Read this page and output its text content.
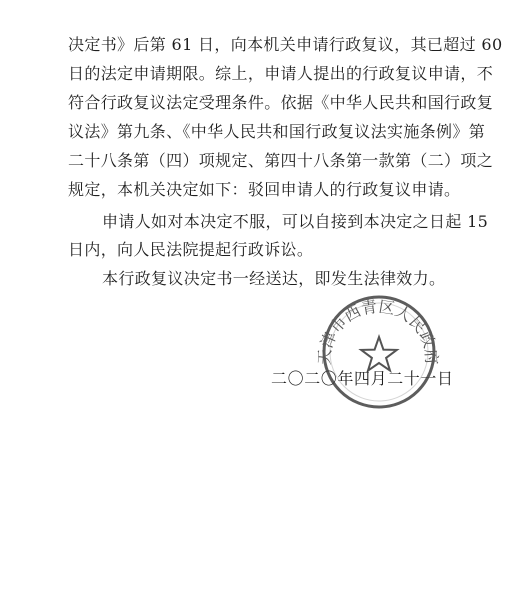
决定书》后第 61 日，向本机关申请行政复议，其已超过 60
日的法定申请期限。综上，申请人提出的行政复议申请，不
符合行政复议法定受理条件。依据《中华人民共和国行政复
议法》第九条、《中华人民共和国行政复议法实施条例》第
二十八条第（四）项规定、第四十八条第一款第（二）项之
规定，本机关决定如下：驳回申请人的行政复议申请。
申请人如对本决定不服，可以自接到本决定之日起 15
日内，向人民法院提起行政诉讼。
本行政复议决定书一经送达，即发生法律效力。
二〇二〇年四月二十一日
天津市西青区人民政府
